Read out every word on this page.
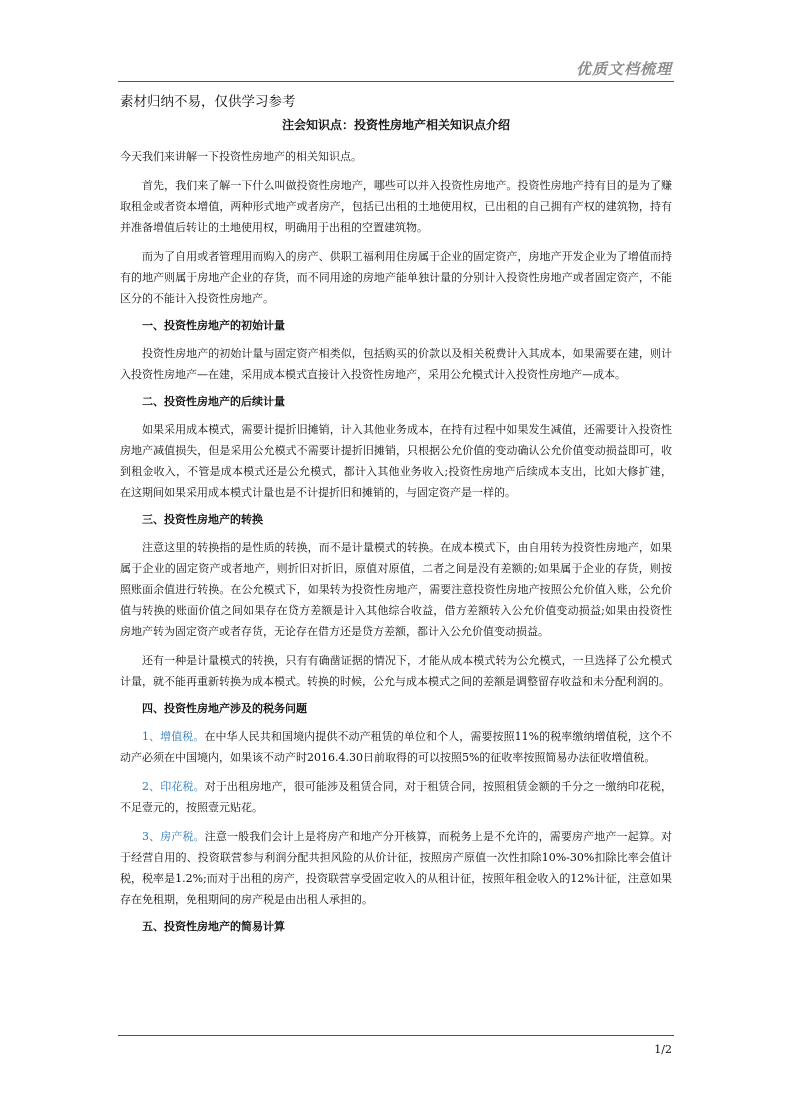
优质文档梳理
素材归纳不易，仅供学习参考
注会知识点：投资性房地产相关知识点介绍

今天我们来讲解一下投资性房地产的相关知识点。

首先，我们来了解一下什么叫做投资性房地产，哪些可以并入投资性房地产。投资性房地产持有目的是为了赚取租金或者资本增值，两种形式地产或者房产，包括已出租的土地使用权，已出租的自己拥有产权的建筑物，持有并准备增值后转让的土地使用权，明确用于出租的空置建筑物。

而为了自用或者管理用而购入的房产、供职工福利用住房属于企业的固定资产，房地产开发企业为了增值而持有的地产则属于房地产企业的存货，而不同用途的房地产能单独计量的分别计入投资性房地产或者固定资产，不能区分的不能计入投资性房地产。

一、投资性房地产的初始计量

投资性房地产的初始计量与固定资产相类似，包括购买的价款以及相关税费计入其成本，如果需要在建，则计入投资性房地产—在建，采用成本模式直接计入投资性房地产，采用公允模式计入投资性房地产—成本。

二、投资性房地产的后续计量

如果采用成本模式，需要计提折旧摊销，计入其他业务成本，在持有过程中如果发生减值，还需要计入投资性房地产减值损失，但是采用公允模式不需要计提折旧摊销，只根据公允价值的变动确认公允价值变动损益即可，收到租金收入，不管是成本模式还是公允模式，都计入其他业务收入;投资性房地产后续成本支出，比如大修扩建，在这期间如果采用成本模式计量也是不计提折旧和摊销的，与固定资产是一样的。

三、投资性房地产的转换

注意这里的转换指的是性质的转换，而不是计量模式的转换。在成本模式下，由自用转为投资性房地产，如果属于企业的固定资产或者地产，则折旧对折旧，原值对原值，二者之间是没有差额的;如果属于企业的存货，则按照账面余值进行转换。在公允模式下，如果转为投资性房地产，需要注意投资性房地产按照公允价值入账，公允价值与转换的账面价值之间如果存在贷方差额是计入其他综合收益，借方差额转入公允价值变动损益;如果由投资性房地产转为固定资产或者存货，无论存在借方还是贷方差额，都计入公允价值变动损益。

还有一种是计量模式的转换，只有有确凿证据的情况下，才能从成本模式转为公允模式，一旦选择了公允模式计量，就不能再重新转换为成本模式。转换的时候，公允与成本模式之间的差额是调整留存收益和未分配利润的。

四、投资性房地产涉及的税务问题

1、增值税。在中华人民共和国境内提供不动产租赁的单位和个人，需要按照11%的税率缴纳增值税，这个不动产必须在中国境内，如果该不动产时2016.4.30日前取得的可以按照5%的征收率按照简易办法征收增值税。

2、印花税。对于出租房地产，很可能涉及租赁合同，对于租赁合同，按照租赁金额的千分之一缴纳印花税，不足壹元的，按照壹元贴花。

3、房产税。注意一般我们会计上是将房产和地产分开核算，而税务上是不允许的，需要房产地产一起算。对于经营自用的、投资联营参与利润分配共担风险的从价计征，按照房产原值一次性扣除10%-30%扣除比率会值计税，税率是1.2%;而对于出租的房产，投资联营享受固定收入的从租计征，按照年租金收入的12%计征，注意如果存在免租期，免租期间的房产税是由出租人承担的。

五、投资性房地产的简易计算
1/2
